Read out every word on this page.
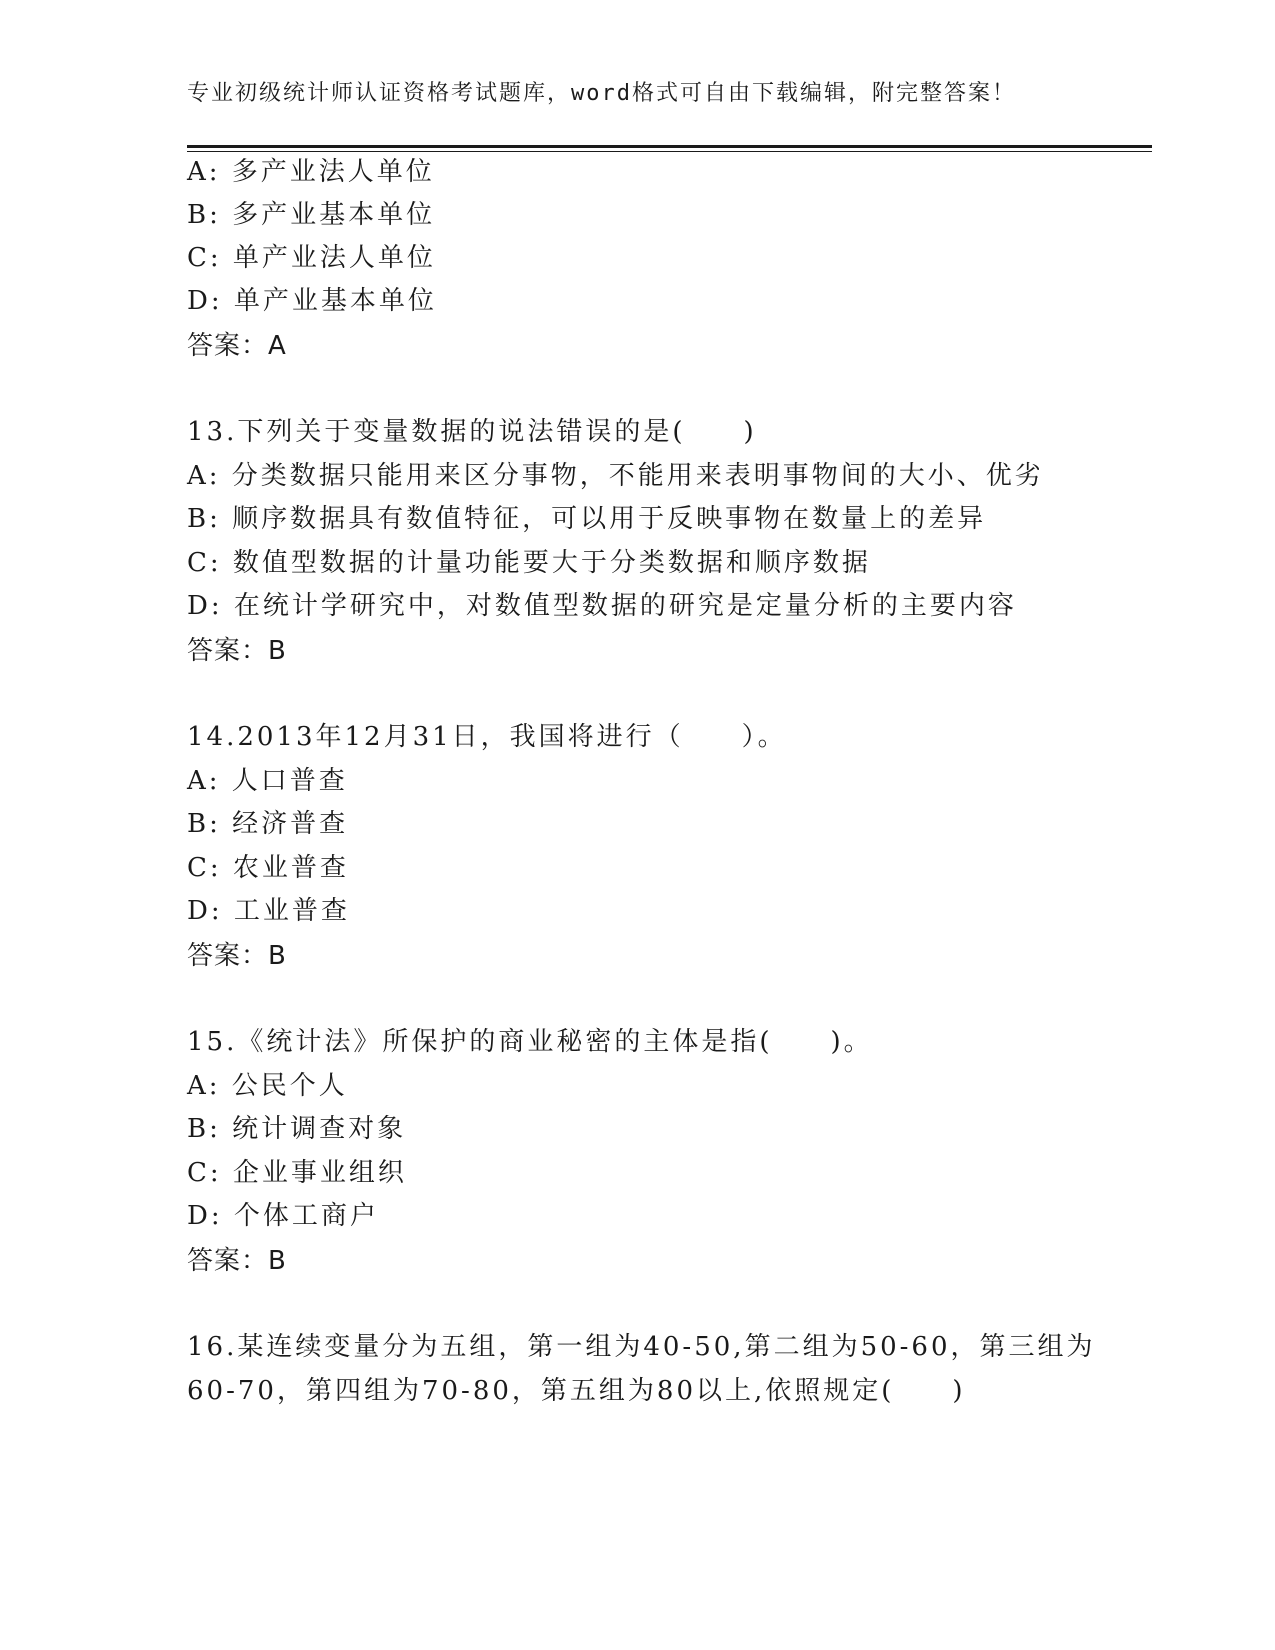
专业初级统计师认证资格考试题库，word格式可自由下载编辑，附完整答案！
A: 多产业法人单位
B: 多产业基本单位
C: 单产业法人单位
D: 单产业基本单位
答案：A
13.下列关于变量数据的说法错误的是(　　)
A: 分类数据只能用来区分事物，不能用来表明事物间的大小、优劣
B: 顺序数据具有数值特征，可以用于反映事物在数量上的差异
C: 数值型数据的计量功能要大于分类数据和顺序数据
D: 在统计学研究中，对数值型数据的研究是定量分析的主要内容
答案：B
14.2013年12月31日，我国将进行（　　）。
A: 人口普查
B: 经济普查
C: 农业普查
D: 工业普查
答案：B
15.《统计法》所保护的商业秘密的主体是指(　　)。
A: 公民个人
B: 统计调查对象
C: 企业事业组织
D: 个体工商户
答案：B
16.某连续变量分为五组，第一组为40-50,第二组为50-60，第三组为
60-70，第四组为70-80，第五组为80以上,依照规定(　　)
